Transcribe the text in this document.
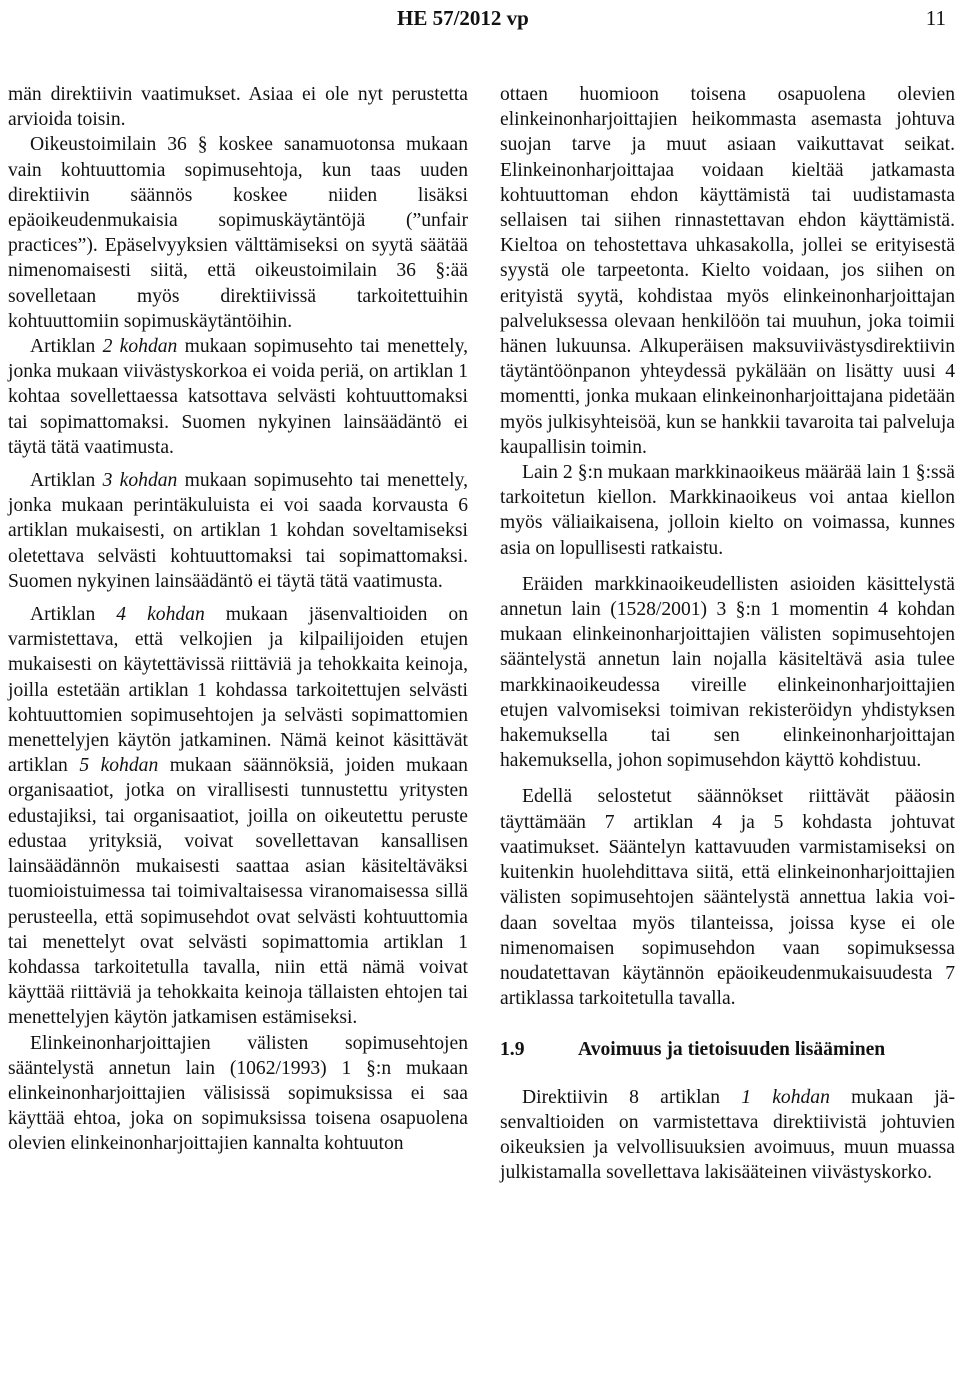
HE 57/2012 vp	11

män direktiivin vaatimukset. Asiaa ei ole nyt perustetta arvioida toisin.

Oikeustoimilain 36 § koskee sanamuotonsa mukaan vain kohtuuttomia sopimusehtoja, kun taas uuden direktiivin säännös koskee niiden lisäksi epäoikeudenmukaisia sopimuskäytäntöjä (”unfair practices”). Epäselvyyksien välttämiseksi on syytä säätää nimenomaisesti siitä, että oikeustoimilain 36 §:ää sovelletaan myös direktiivissä tarkoitettuihin kohtuuttomiin sopimuskäytäntöihin.

Artiklan 2 kohdan mukaan sopimusehto tai menettely, jonka mukaan viivästyskorkoa ei voida periä, on artiklan 1 kohtaa sovellettaessa katsottava selvästi kohtuuttomaksi tai sopimattomaksi. Suomen nykyinen lainsäädäntö ei täytä tätä vaatimusta.

Artiklan 3 kohdan mukaan sopimusehto tai menettely, jonka mukaan perintäkuluista ei voi saada korvausta 6 artiklan mukaisesti, on artiklan 1 kohdan soveltamiseksi oletettava selvästi kohtuuttomaksi tai sopimattomaksi. Suomen nykyinen lainsäädäntö ei täytä tätä vaatimusta.

Artiklan 4 kohdan mukaan jäsenvaltioiden on varmistettava, että velkojien ja kilpailijoiden etujen mukaisesti on käytettävissä riittäviä ja tehokkaita keinoja, joilla estetään artiklan 1 kohdassa tarkoitettujen selvästi kohtuuttomien sopimusehtojen ja selvästi sopimattomien menettelyjen käytön jatkaminen. Nämä keinot käsittävät artiklan 5 kohdan mukaan säännöksiä, joiden mukaan organisaatiot, jotka on virallisesti tunnustettu yritysten edustajiksi, tai organisaatiot, joilla on oikeutettu peruste edustaa yrityksiä, voivat sovellettavan kansallisen lainsäädännön mukaisesti saattaa asian käsiteltäväksi tuomioistuimessa tai toimivaltaisessa viranomaisessa sillä perusteella, että sopimusehdot ovat selvästi kohtuuttomia tai menettelyt ovat selvästi sopimattomia artiklan 1 kohdassa tarkoitetulla tavalla, niin että nämä voivat käyttää riittäviä ja tehokkaita keinoja tällaisten ehtojen tai menettelyjen käytön jatkamisen estämiseksi.

Elinkeinonharjoittajien välisten sopimusehtojen sääntelystä annetun lain (1062/1993) 1 §:n mukaan elinkeinonharjoittajien välisissä sopimuksissa ei saa käyttää ehtoa, joka on sopimuksissa toisena osapuolena olevien elinkeinonharjoittajien kannalta kohtuuton

ottaen huomioon toisena osapuolena olevien elinkeinonharjoittajien heikommasta asemasta johtuva suojan tarve ja muut asiaan vaikuttavat seikat. Elinkeinonharjoittajaa voidaan kieltää jatkamasta kohtuuttoman ehdon käyttämistä tai uudistamasta sellaisen tai siihen rinnastettavan ehdon käyttämistä. Kieltoa on tehostettava uhkasakolla, jollei se erityisestä syystä ole tarpeetonta. Kielto voidaan, jos siihen on erityistä syytä, kohdistaa myös elinkeinonharjoittajan palveluksessa olevaan henkilöön tai muuhun, joka toimii hänen lukuunsa. Alkuperäisen maksuviivästysdirektiivin täytäntöönpanon yhteydessä pykälään on lisätty uusi 4 momentti, jonka mukaan elinkeinonharjoittajana pidetään myös julkisyhteisöä, kun se hankkii tavaroita tai palveluja kaupallisin toimin.

Lain 2 §:n mukaan markkinaoikeus määrää lain 1 §:ssä tarkoitetun kiellon. Markkinaoikeus voi antaa kiellon myös väliaikaisena, jolloin kielto on voimassa, kunnes asia on lopullisesti ratkaistu.

Eräiden markkinaoikeudellisten asioiden käsittelystä annetun lain (1528/2001) 3 §:n 1 momentin 4 kohdan mukaan elinkeinonharjoittajien välisten sopimusehtojen sääntelystä annetun lain nojalla käsiteltävä asia tulee markkinaoikeudessa vireille elinkeinonharjoittajien etujen valvomiseksi toimivan rekisteröidyn yhdistyksen hakemuksella tai sen elinkeinonharjoittajan hakemuksella, johon sopimusehdon käyttö kohdistuu.

Edellä selostetut säännökset riittävät pääosin täyttämään 7 artiklan 4 ja 5 kohdasta johtuvat vaatimukset. Sääntelyn kattavuuden varmistamiseksi on kuitenkin huolehdittava siitä, että elinkeinonharjoittajien välisten sopimusehtojen sääntelystä annettua lakia voidaan soveltaa myös tilanteissa, joissa kyse ei ole nimenomaisen sopimusehdon vaan sopimuksessa noudatettavan käytännön epäoikeudenmukaisuudesta 7 artiklassa tarkoitetulla tavalla.

1.9	Avoimuus ja tietoisuuden lisääminen

Direktiivin 8 artiklan 1 kohdan mukaan jäsenvaltioiden on varmistettava direktiivistä johtuvien oikeuksien ja velvollisuuksien avoimuus, muun muassa julkistamalla sovellettava lakisääteinen viivästyskorko.
